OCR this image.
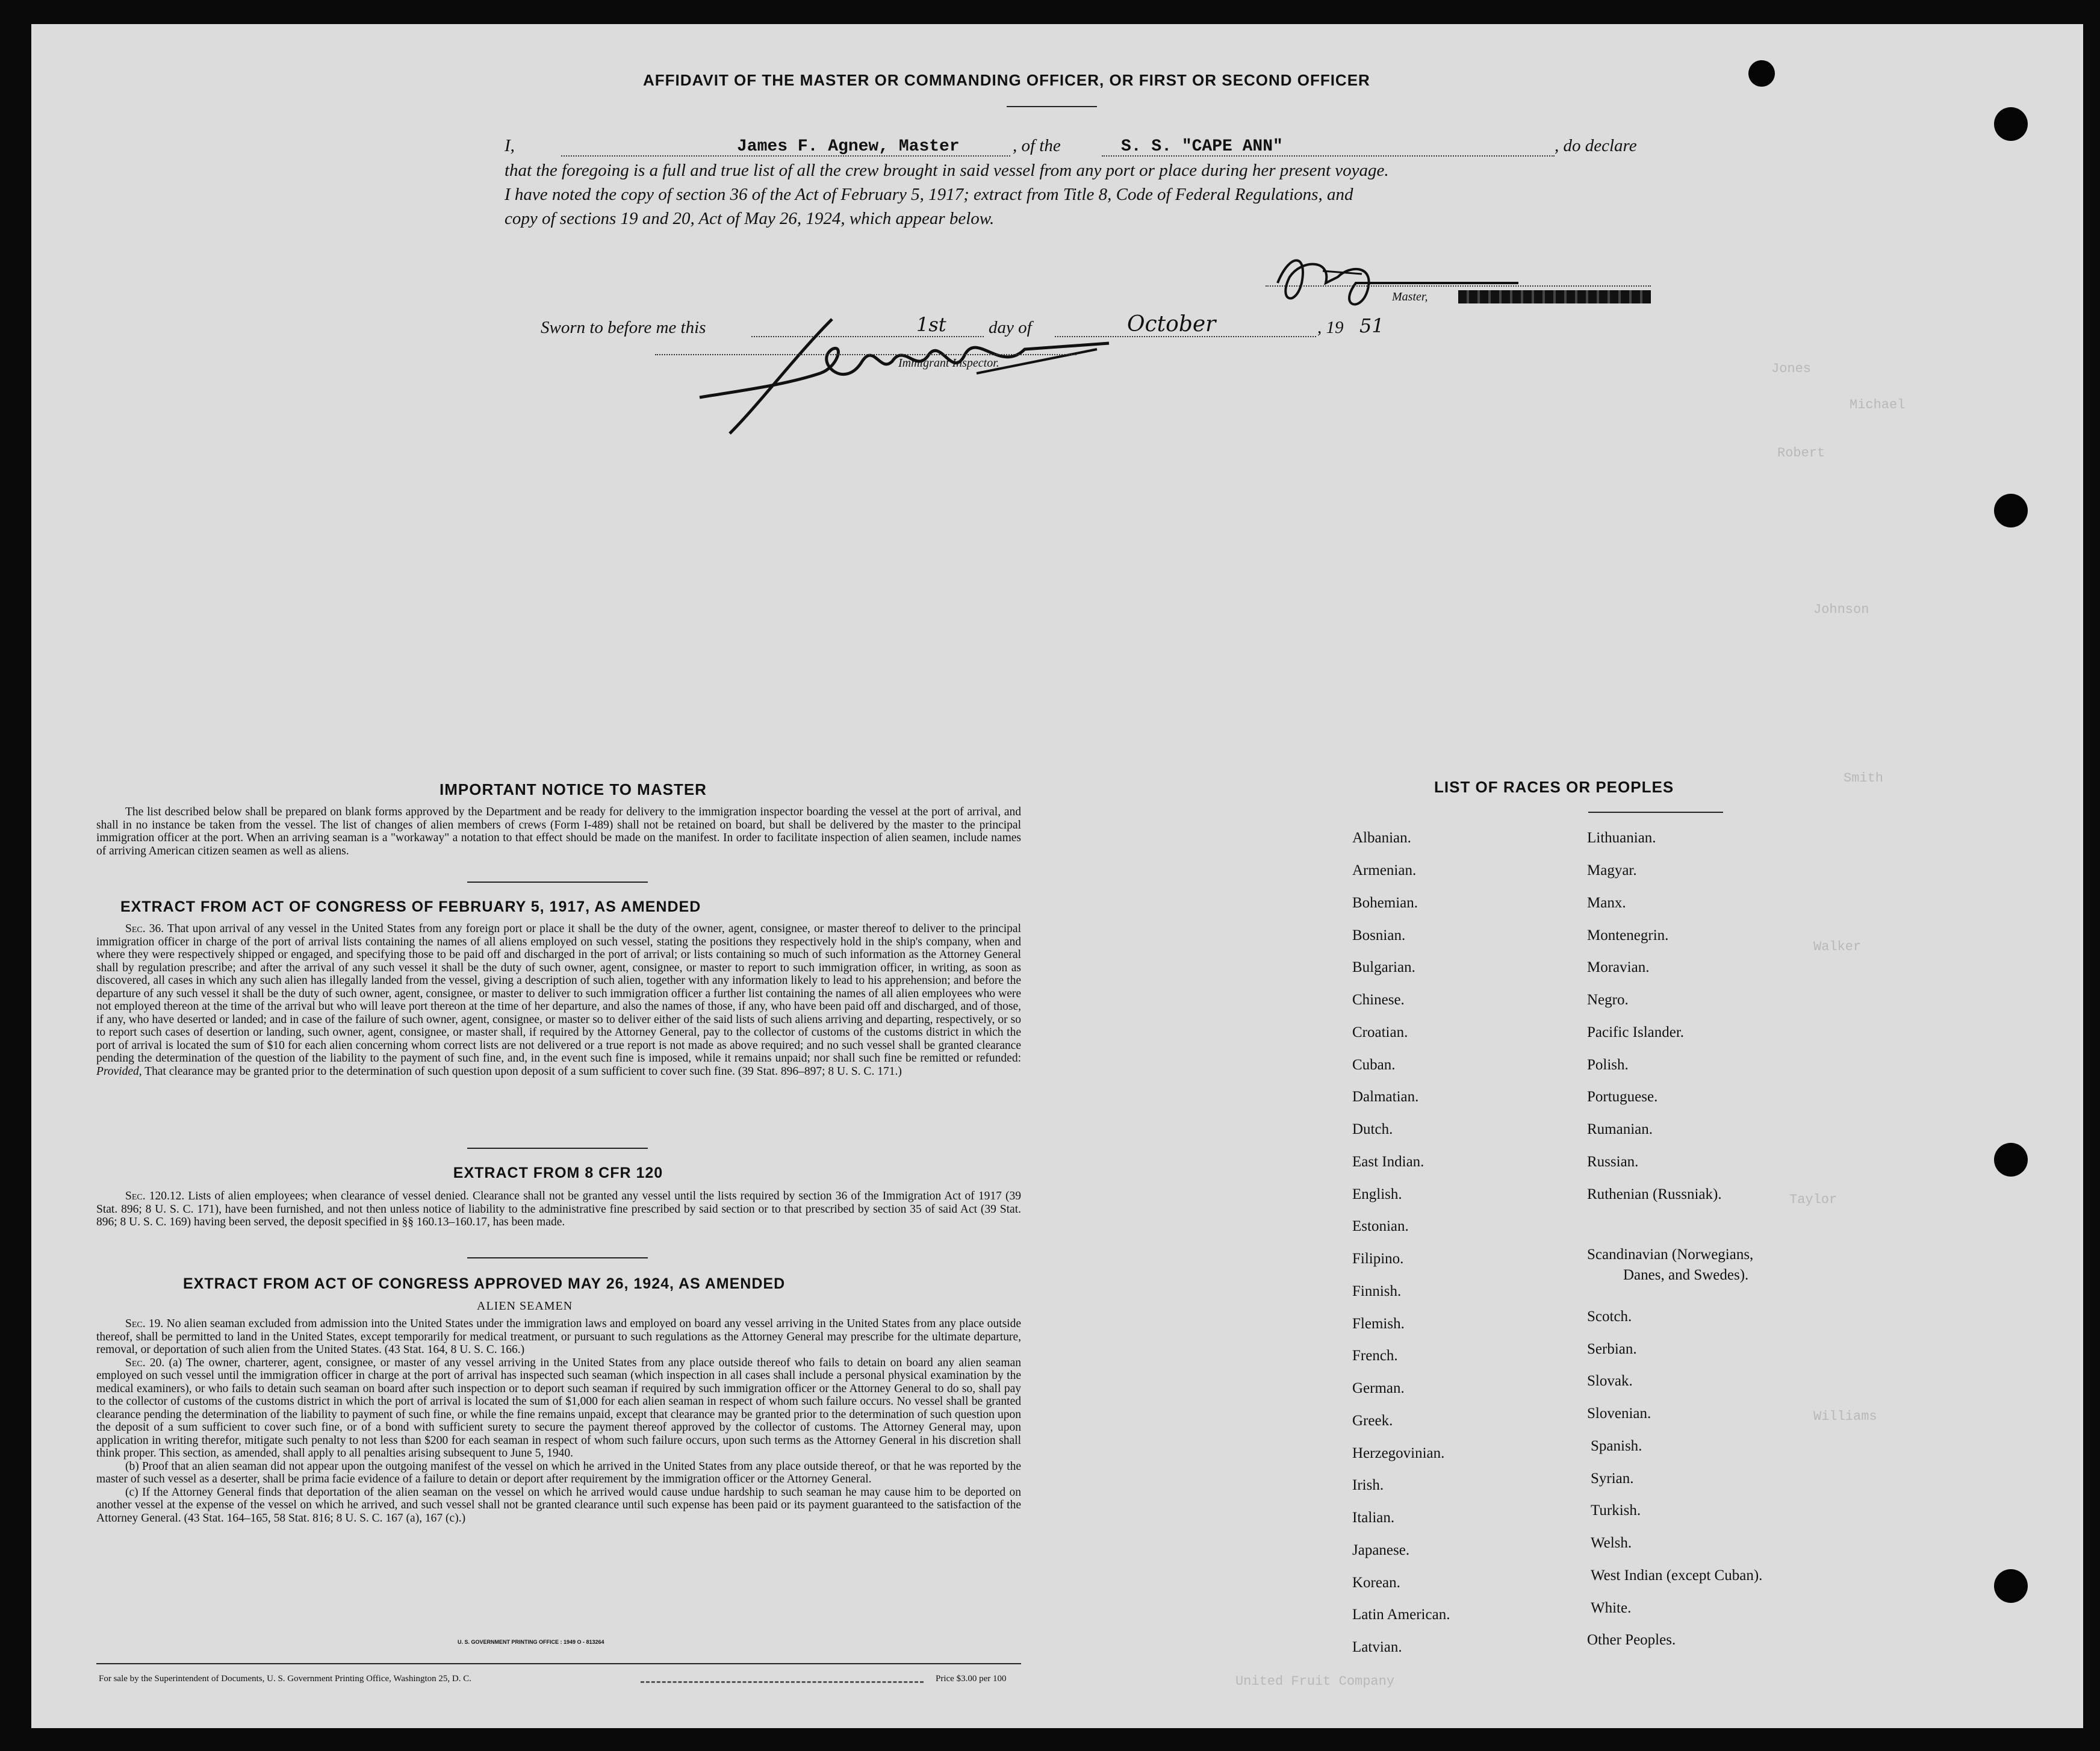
Jones
Michael
Robert
Johnson
Smith
Walker
Taylor
Williams
United Fruit Company
AFFIDAVIT OF THE MASTER OR COMMANDING OFFICER, OR FIRST OR SECOND OFFICER
I,	James F. Agnew, Master	, of the	S. S. "CAPE ANN"	, do declare
that the foregoing is a full and true list of all the crew brought in said vessel from any port or place during her present voyage.
I have noted the copy of section 36 of the Act of February 5, 1917; extract from Title 8, Code of Federal Regulations, and
copy of sections 19 and 20, Act of May 26, 1924, which appear below.
Master,
Sworn to before me this	1st day of	October	, 19 51
Immigrant Inspector.
IMPORTANT NOTICE TO MASTER
The list described below shall be prepared on blank forms approved by the Department and be ready for delivery to the immigration inspector boarding the vessel at the port of arrival, and shall in no instance be taken from the vessel. The list of changes of alien members of crews (Form I-489) shall not be retained on board, but shall be delivered by the master to the principal immigration officer at the port. When an arriving seaman is a "workaway" a notation to that effect should be made on the manifest. In order to facilitate inspection of alien seamen, include names of arriving American citizen seamen as well as aliens.
EXTRACT FROM ACT OF CONGRESS OF FEBRUARY 5, 1917, AS AMENDED
Sec. 36. That upon arrival of any vessel in the United States from any foreign port or place it shall be the duty of the owner, agent, consignee, or master thereof to deliver to the principal immigration officer in charge of the port of arrival lists containing the names of all aliens employed on such vessel, stating the positions they respectively hold in the ship's company, when and where they were respectively shipped or engaged, and specifying those to be paid off and discharged in the port of arrival; or lists containing so much of such information as the Attorney General shall by regulation prescribe; and after the arrival of any such vessel it shall be the duty of such owner, agent, consignee, or master to report to such immigration officer, in writing, as soon as discovered, all cases in which any such alien has illegally landed from the vessel, giving a description of such alien, together with any information likely to lead to his apprehension; and before the departure of any such vessel it shall be the duty of such owner, agent, consignee, or master to deliver to such immigration officer a further list containing the names of all alien employees who were not employed thereon at the time of the arrival but who will leave port thereon at the time of her departure, and also the names of those, if any, who have been paid off and discharged, and of those, if any, who have deserted or landed; and in case of the failure of such owner, agent, consignee, or master so to deliver either of the said lists of such aliens arriving and departing, respectively, or so to report such cases of desertion or landing, such owner, agent, consignee, or master shall, if required by the Attorney General, pay to the collector of customs of the customs district in which the port of arrival is located the sum of $10 for each alien concerning whom correct lists are not delivered or a true report is not made as above required; and no such vessel shall be granted clearance pending the determination of the question of the liability to the payment of such fine, and, in the event such fine is imposed, while it remains unpaid; nor shall such fine be remitted or refunded: Provided, That clearance may be granted prior to the determination of such question upon deposit of a sum sufficient to cover such fine. (39 Stat. 896–897; 8 U. S. C. 171.)
EXTRACT FROM 8 CFR 120
Sec. 120.12. Lists of alien employees; when clearance of vessel denied. Clearance shall not be granted any vessel until the lists required by section 36 of the Immigration Act of 1917 (39 Stat. 896; 8 U. S. C. 171), have been furnished, and not then unless notice of liability to the administrative fine prescribed by said section or to that prescribed by section 35 of said Act (39 Stat. 896; 8 U. S. C. 169) having been served, the deposit specified in §§ 160.13–160.17, has been made.
EXTRACT FROM ACT OF CONGRESS APPROVED MAY 26, 1924, AS AMENDED
ALIEN SEAMEN
Sec. 19. No alien seaman excluded from admission into the United States under the immigration laws and employed on board any vessel arriving in the United States from any place outside thereof, shall be permitted to land in the United States, except temporarily for medical treatment, or pursuant to such regulations as the Attorney General may prescribe for the ultimate departure, removal, or deportation of such alien from the United States. (43 Stat. 164, 8 U. S. C. 166.)
Sec. 20. (a) The owner, charterer, agent, consignee, or master of any vessel arriving in the United States from any place outside thereof who fails to detain on board any alien seaman employed on such vessel until the immigration officer in charge at the port of arrival has inspected such seaman (which inspection in all cases shall include a personal physical examination by the medical examiners), or who fails to detain such seaman on board after such inspection or to deport such seaman if required by such immigration officer or the Attorney General to do so, shall pay to the collector of customs of the customs district in which the port of arrival is located the sum of $1,000 for each alien seaman in respect of whom such failure occurs. No vessel shall be granted clearance pending the determination of the liability to payment of such fine, or while the fine remains unpaid, except that clearance may be granted prior to the determination of such question upon the deposit of a sum sufficient to cover such fine, or of a bond with sufficient surety to secure the payment thereof approved by the collector of customs. The Attorney General may, upon application in writing therefor, mitigate such penalty to not less than $200 for each seaman in respect of whom such failure occurs, upon such terms as the Attorney General in his discretion shall think proper. This section, as amended, shall apply to all penalties arising subsequent to June 5, 1940.
(b) Proof that an alien seaman did not appear upon the outgoing manifest of the vessel on which he arrived in the United States from any place outside thereof, or that he was reported by the master of such vessel as a deserter, shall be prima facie evidence of a failure to detain or deport after requirement by the immigration officer or the Attorney General.
(c) If the Attorney General finds that deportation of the alien seaman on the vessel on which he arrived would cause undue hardship to such seaman he may cause him to be deported on another vessel at the expense of the vessel on which he arrived, and such vessel shall not be granted clearance until such expense has been paid or its payment guaranteed to the satisfaction of the Attorney General. (43 Stat. 164–165, 58 Stat. 816; 8 U. S. C. 167 (a), 167 (c).)
U. S. GOVERNMENT PRINTING OFFICE : 1949 O - 813264
For sale by the Superintendent of Documents, U. S. Government Printing Office, Washington 25, D. C.	Price $3.00 per 100
LIST OF RACES OR PEOPLES
Albanian.
Armenian.
Bohemian.
Bosnian.
Bulgarian.
Chinese.
Croatian.
Cuban.
Dalmatian.
Dutch.
East Indian.
English.
Estonian.
Filipino.
Finnish.
Flemish.
French.
German.
Greek.
Herzegovinian.
Irish.
Italian.
Japanese.
Korean.
Latin American.
Latvian.
Lithuanian.
Magyar.
Manx.
Montenegrin.
Moravian.
Negro.
Pacific Islander.
Polish.
Portuguese.
Rumanian.
Russian.
Ruthenian (Russniak).
Scandinavian (Norwegians,
Danes, and Swedes).
Scotch.
Serbian.
Slovak.
Slovenian.
Spanish.
Syrian.
Turkish.
Welsh.
West Indian (except Cuban).
White.
Other Peoples.
